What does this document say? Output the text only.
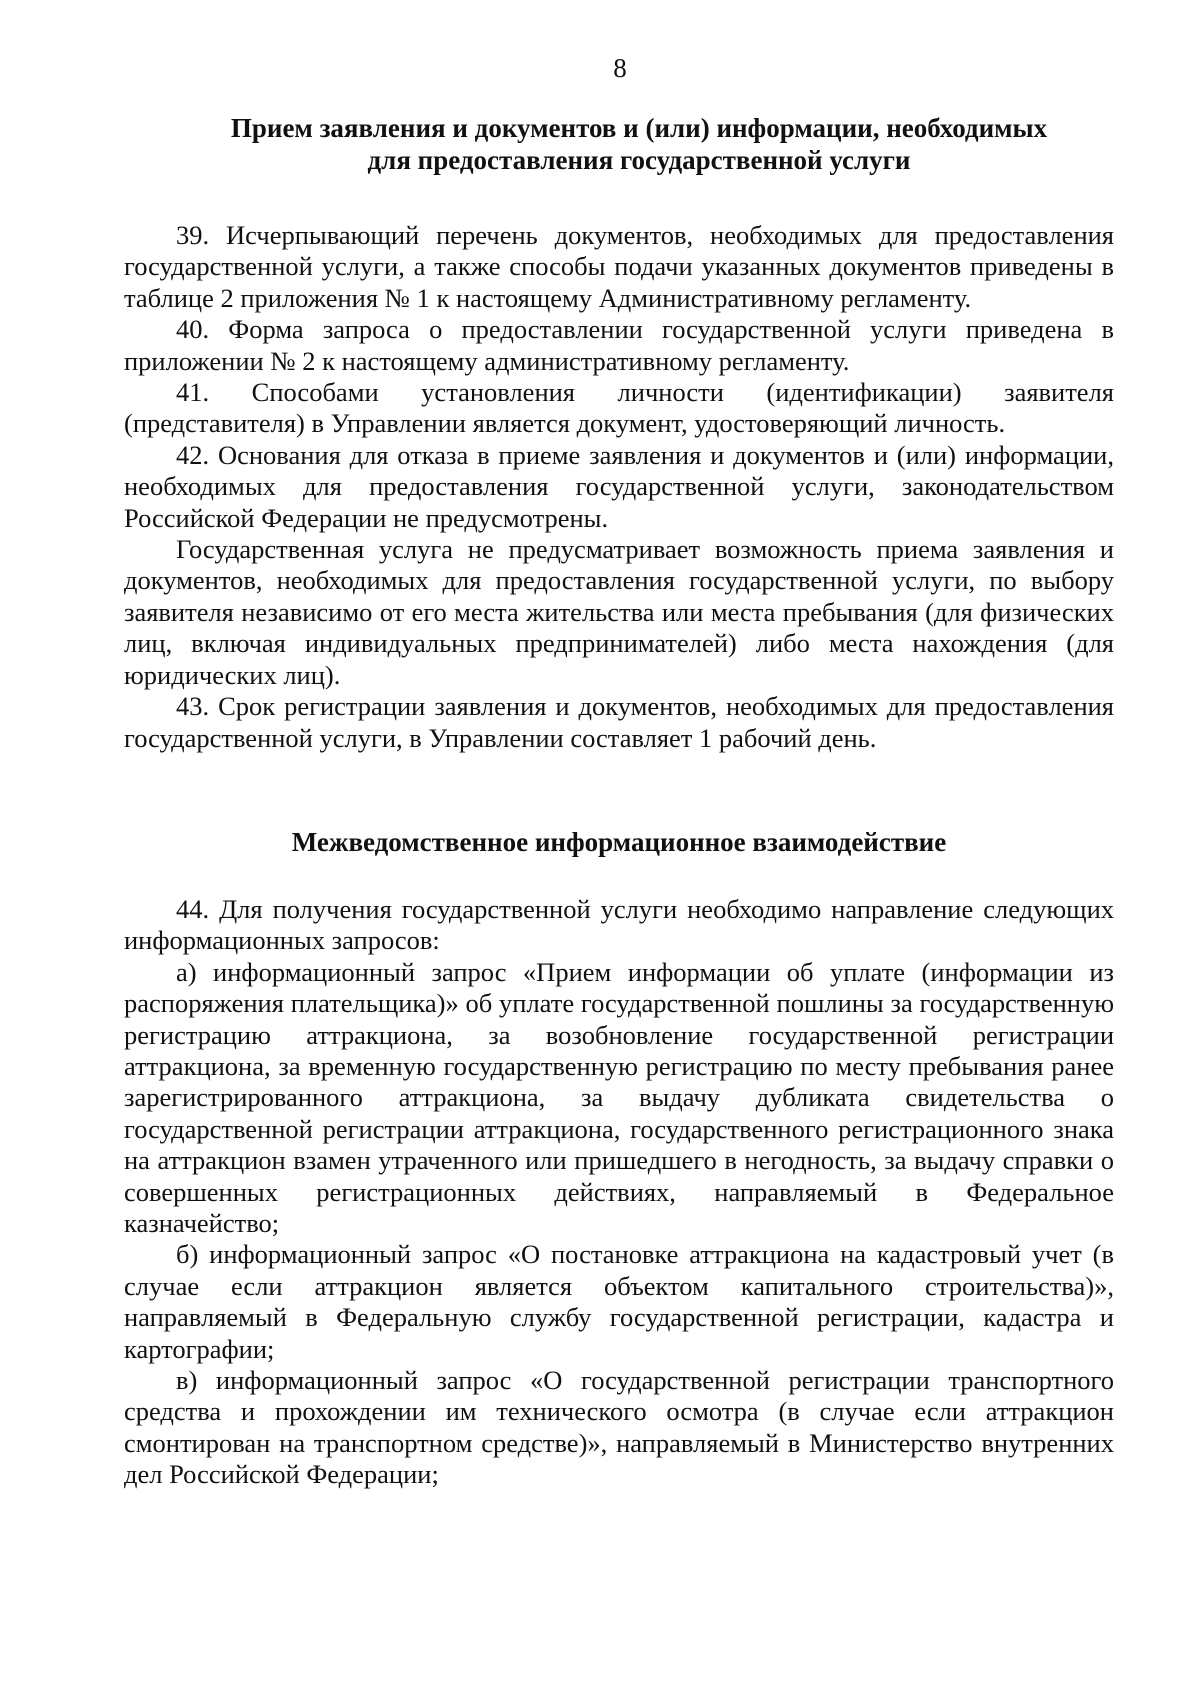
8
Прием заявления и документов и (или) информации, необходимых
для предоставления государственной услуги

39. Исчерпывающий перечень документов, необходимых для предоставления государственной услуги, а также способы подачи указанных документов приведены в таблице 2 приложения № 1 к настоящему Административному регламенту.

40. Форма запроса о предоставлении государственной услуги приведена в приложении № 2 к настоящему административному регламенту.

41. Способами установления личности (идентификации) заявителя (представителя) в Управлении является документ, удостоверяющий личность.

42. Основания для отказа в приеме заявления и документов и (или) информации, необходимых для предоставления государственной услуги, законодательством Российской Федерации не предусмотрены.

Государственная услуга не предусматривает возможность приема заявления и документов, необходимых для предоставления государственной услуги, по выбору заявителя независимо от его места жительства или места пребывания (для физических лиц, включая индивидуальных предпринимателей) либо места нахождения (для юридических лиц).

43. Срок регистрации заявления и документов, необходимых для предоставления государственной услуги, в Управлении составляет 1 рабочий день.

Межведомственное информационное взаимодействие

44. Для получения государственной услуги необходимо направление следующих информационных запросов:

а) информационный запрос «Прием информации об уплате (информации из распоряжения плательщика)» об уплате государственной пошлины за государственную регистрацию аттракциона, за возобновление государственной регистрации аттракциона, за временную государственную регистрацию по месту пребывания ранее зарегистрированного аттракциона, за выдачу дубликата свидетельства о государственной регистрации аттракциона, государственного регистрационного знака на аттракцион взамен утраченного или пришедшего в негодность, за выдачу справки о совершенных регистрационных действиях, направляемый в Федеральное казначейство;

б) информационный запрос «О постановке аттракциона на кадастровый учет (в случае если аттракцион является объектом капитального строительства)», направляемый в Федеральную службу государственной регистрации, кадастра и картографии;

в) информационный запрос «О государственной регистрации транспортного средства и прохождении им технического осмотра (в случае если аттракцион смонтирован на транспортном средстве)», направляемый в Министерство внутренних дел Российской Федерации;
